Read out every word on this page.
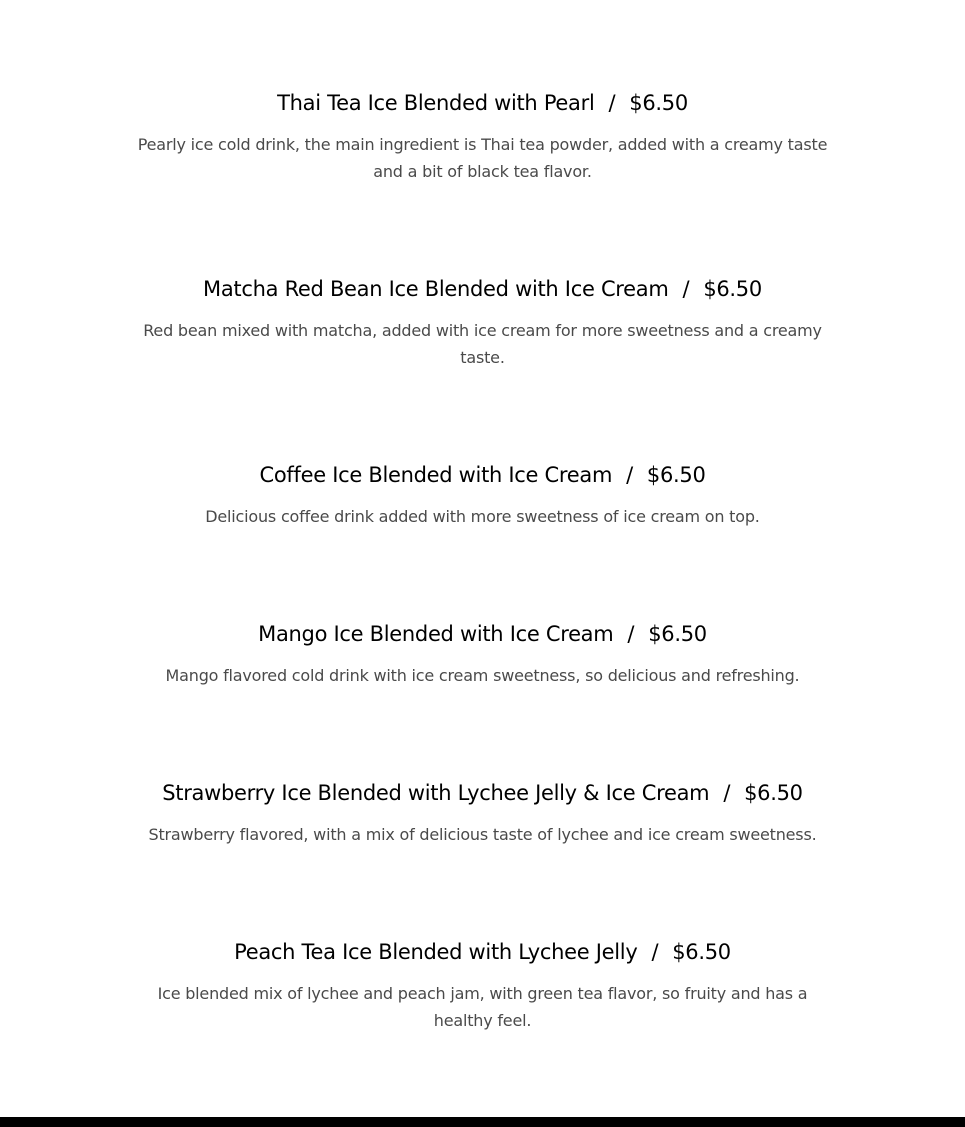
Thai Tea Ice Blended with Pearl / $6.50

Pearly ice cold drink, the main ingredient is Thai tea powder, added with a creamy taste and a bit of black tea flavor.

Matcha Red Bean Ice Blended with Ice Cream / $6.50

Red bean mixed with matcha, added with ice cream for more sweetness and a creamy taste.

Coffee Ice Blended with Ice Cream / $6.50

Delicious coffee drink added with more sweetness of ice cream on top.

Mango Ice Blended with Ice Cream / $6.50

Mango flavored cold drink with ice cream sweetness, so delicious and refreshing.

Strawberry Ice Blended with Lychee Jelly & Ice Cream / $6.50

Strawberry flavored, with a mix of delicious taste of lychee and ice cream sweetness.

Peach Tea Ice Blended with Lychee Jelly / $6.50

Ice blended mix of lychee and peach jam, with green tea flavor, so fruity and has a healthy feel.
